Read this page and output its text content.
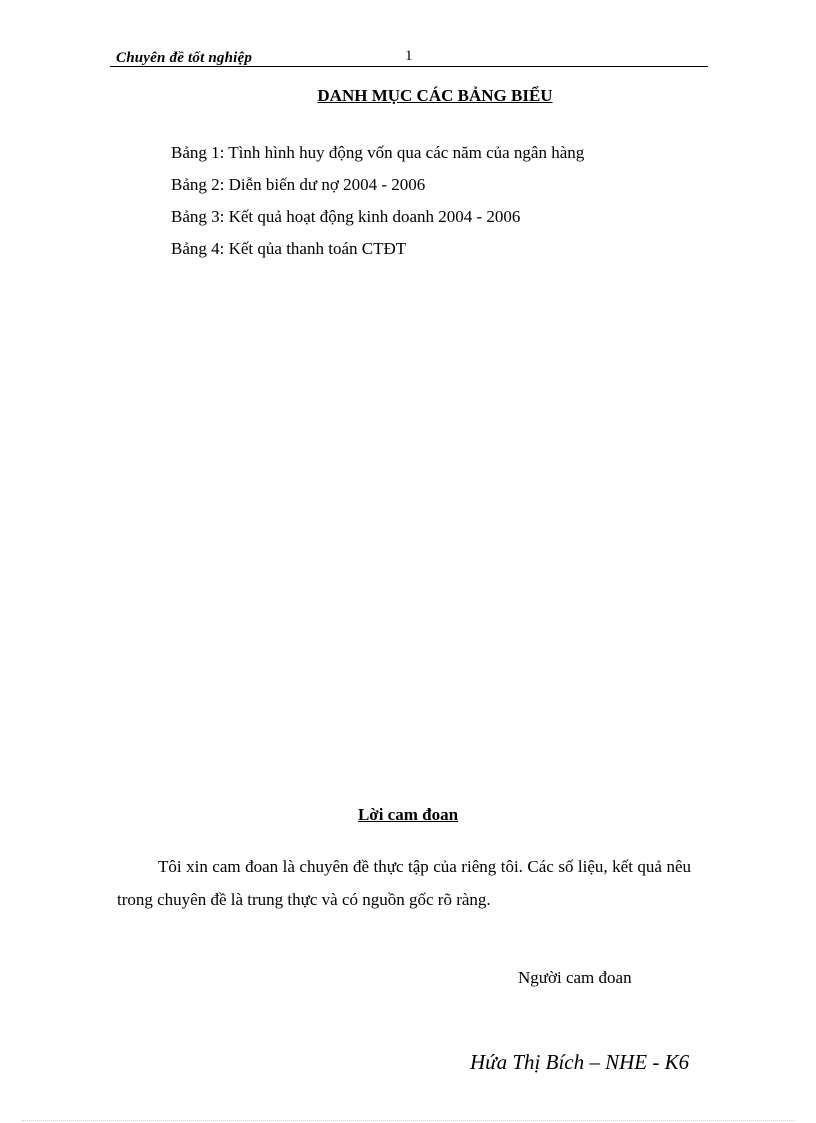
Chuyên đề tốt nghiệp	1
DANH MỤC CÁC BẢNG BIỂU
Bảng 1: Tình hình huy động vốn qua các năm của ngân hàng
Bảng 2: Diễn biến dư nợ 2004 - 2006
Bảng 3: Kết quả hoạt động kinh doanh 2004 - 2006
Bảng 4: Kết qủa thanh toán CTĐT
Lời cam đoan

Tôi xin cam đoan là chuyên đề thực tập của riêng tôi. Các số liệu, kết quả nêu trong chuyên đề là trung thực và có nguồn gốc rõ ràng.

Người cam đoan
Hứa Thị Bích – NHE - K6
